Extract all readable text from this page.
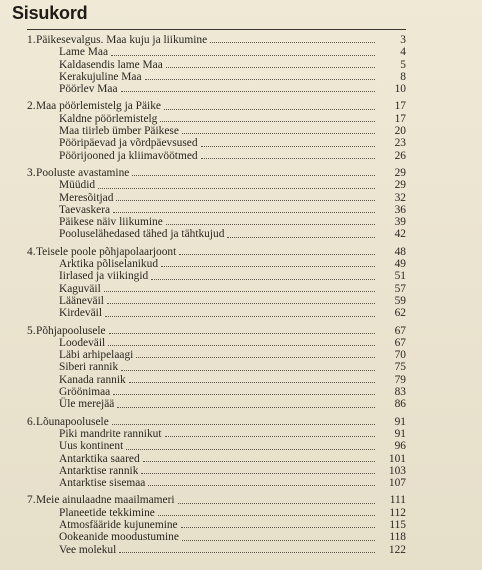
Sisukord
1. Päikesevalgus. Maa kuju ja liikumine	3
Lame Maa	4
Kaldasendis lame Maa	5
Kerakujuline Maa	8
Pöörlev Maa	10
2. Maa pöörlemistelg ja Päike	17
Kaldne pöörlemistelg	17
Maa tiirleb ümber Päikese	20
Pööripäevad ja võrdpäevsused	23
Pöörijooned ja kliimavöötmed	26
3. Pooluste avastamine	29
Müüdid	29
Meresõitjad	32
Taevaskera	36
Päikese näiv liikumine	39
Pooluselähedased tähed ja tähtkujud	42
4. Teisele poole põhjapolaarjoont	48
Arktika põliselanikud	49
Iirlased ja viikingid	51
Kaguväil	57
Lääneväil	59
Kirdeväil	62
5. Põhjapoolusele	67
Loodeväil	67
Läbi arhipelaagi	70
Siberi rannik	75
Kanada rannik	79
Gröönimaa	83
Üle merejää	86
6. Lõunapoolusele	91
Piki mandrite rannikut	91
Uus kontinent	96
Antarktika saared	101
Antarktise rannik	103
Antarktise sisemaa	107
7. Meie ainulaadne maailmameri	111
Planeetide tekkimine	112
Atmosfääride kujunemine	115
Ookeanide moodustumine	118
Vee molekul	122
